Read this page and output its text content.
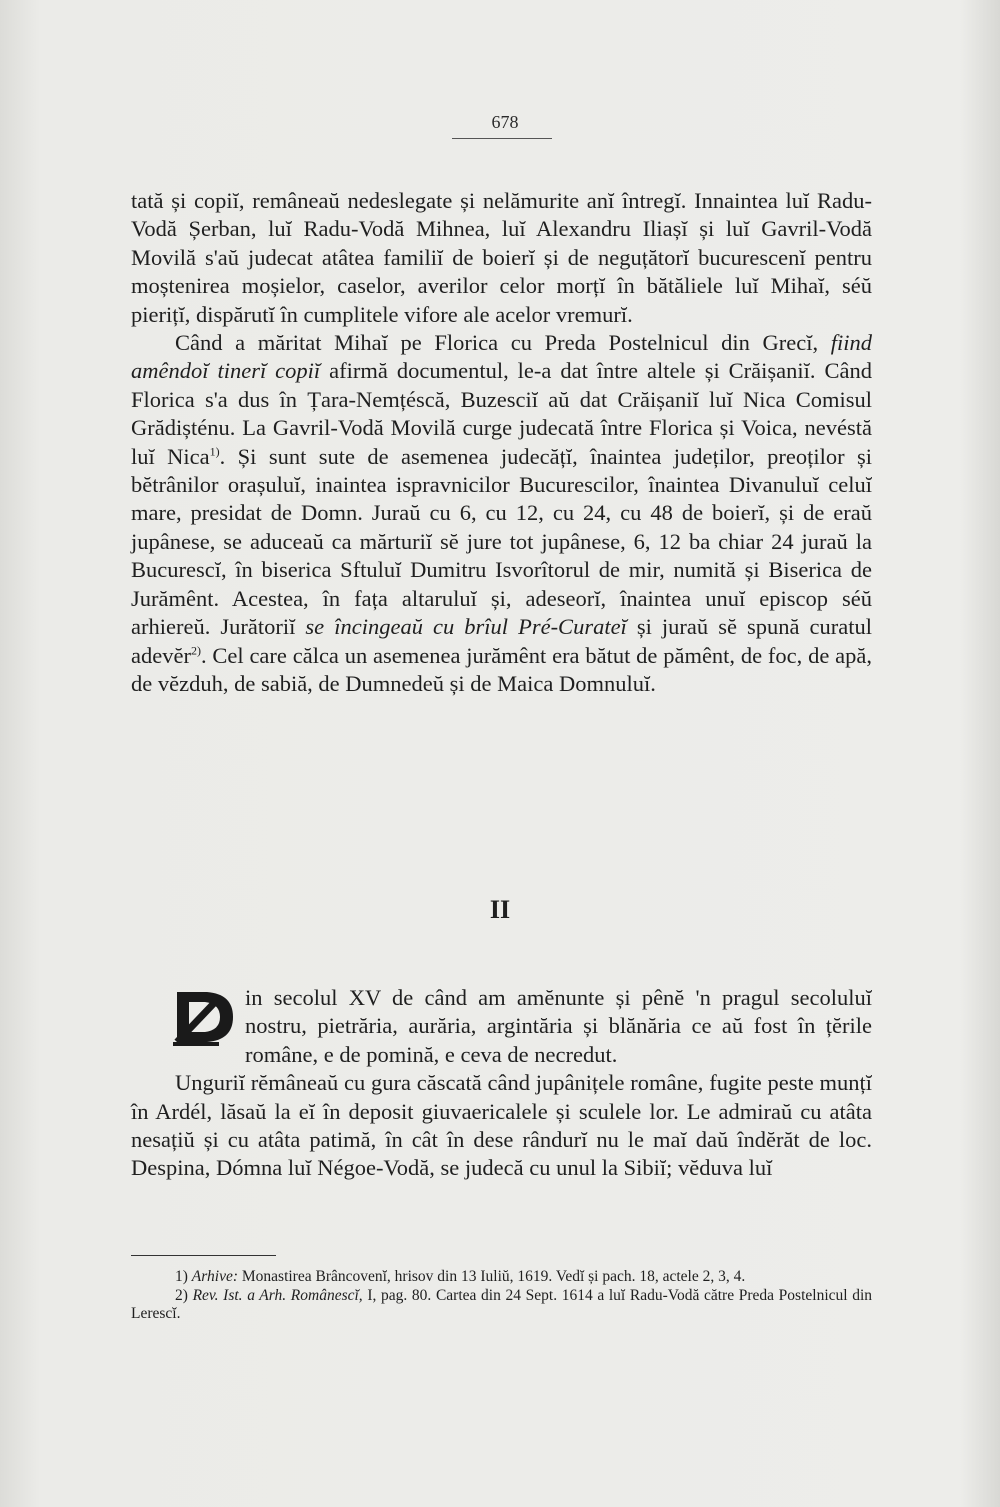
678

tată și copiĭ, remâneaŭ nedeslegate și nelămurite anĭ întregĭ. Innaintea luĭ Radu-Vodă Șerban, luĭ Radu-Vodă Mihnea, luĭ Alexandru Iliașĭ și luĭ Gavril-Vodă Movilă s'aŭ judecat atâtea familiĭ de boierĭ și de neguțătorĭ bucurescenĭ pentru moștenirea moșielor, caselor, averilor celor morțĭ în bătăliele luĭ Mihaĭ, séŭ pierițĭ, dispărutĭ în cumplitele vifore ale acelor vremurĭ.

Când a măritat Mihaĭ pe Florica cu Preda Postelnicul din Grecĭ, fiind amêndoĭ tinerĭ copiĭ afirmă documentul, le-a dat între altele și Crăișaniĭ. Când Florica s'a dus în Țara-Nemțéscă, Buzesciĭ aŭ dat Crăișaniĭ luĭ Nica Comisul Grădișténu. La Gavril-Vodă Movilă curge judecată între Florica și Voica, nevéstă luĭ Nica$^{1)}$. Și sunt sute de asemenea judecățĭ, înaintea judeților, preoților și bĕtrânilor orașuluĭ, inaintea ispravnicilor Bucurescilor, înaintea Divanuluĭ celuĭ mare, presidat de Domn. Juraŭ cu 6, cu 12, cu 24, cu 48 de boierĭ, și de eraŭ jupânese, se aduceaŭ ca mărturiĭ sĕ jure tot jupânese, 6, 12 ba chiar 24 juraŭ la Bucurescĭ, în biserica Sftuluĭ Dumitru Isvorîtorul de mir, numită și Biserica de Jurămênt. Acestea, în fața altaruluĭ și, adeseorĭ, înaintea unuĭ episcop séŭ arhiereŭ. Jurătoriĭ se încingeaŭ cu brîul Pré-Curateĭ și juraŭ sĕ spună curatul adevĕr$^{2)}$. Cel care călca un asemenea jurămênt era bătut de pămênt, de foc, de apă, de vĕzduh, de sabiă, de Dumnedeŭ și de Maica Domnuluĭ.

II

in secolul XV de când am amĕnunte și pênĕ 'n pragul secoluluĭ nostru, pietrăria, aurăria, argintăria și blănăria ce aŭ fost în țĕrile române, e de pomină, e ceva de necredut.

Unguriĭ rĕmâneaŭ cu gura căscată când jupânițele române, fugite peste munțĭ în Ardél, lăsaŭ la eĭ în deposit giuvaericalele și sculele lor. Le admiraŭ cu atâta nesațiŭ și cu atâta patimă, în cât în dese rândurĭ nu le maĭ daŭ îndĕrăt de loc. Despina, Dómna luĭ Négoe-Vodă, se judecă cu unul la Sibiĭ; vĕduva luĭ

1) Arhive: Monastirea Brâncovenĭ, hrisov din 13 Iuliŭ, 1619. Vedĭ și pach. 18, actele 2, 3, 4.

2) Rev. Ist. a Arh. Românescĭ, I, pag. 80. Cartea din 24 Sept. 1614 a luĭ Radu-Vodă către Preda Postelnicul din Lerescĭ.
